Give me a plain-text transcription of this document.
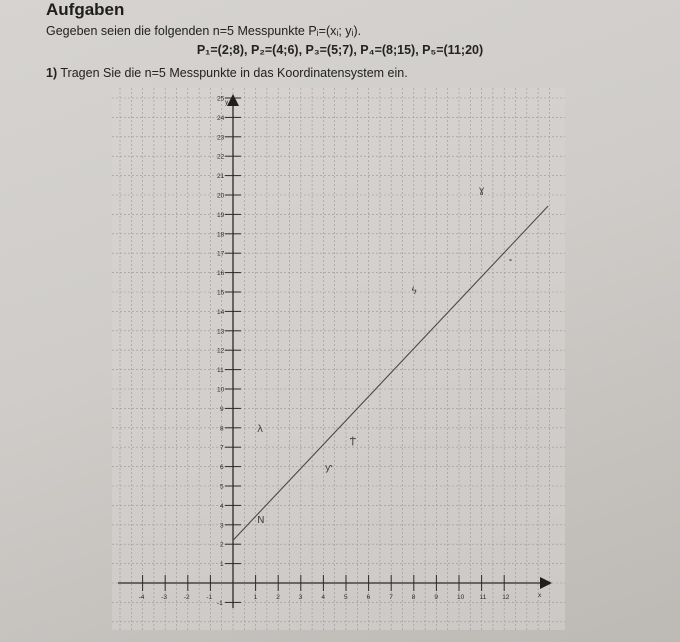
Aufgaben
Gegeben seien die folgenden n=5 Messpunkte Pᵢ=(xᵢ; yᵢ).
P₁=(2;8), P₂=(4;6), P₃=(5;7), P₄=(8;15), P₅=(11;20)
1) Tragen Sie die n=5 Messpunkte in das Koordinatensystem ein.
x
y
-4	-3	-2	-1	1	2	3	4	5	6	7	8	9	10 11 12
-1
1
2
3
4
5
6
7
8
9
10
11
12
13
14
15
16
17
18
19
20
21
22
23
24
25
λ
ƴ
Ϯ
ϟ
ɣ
N
˟
